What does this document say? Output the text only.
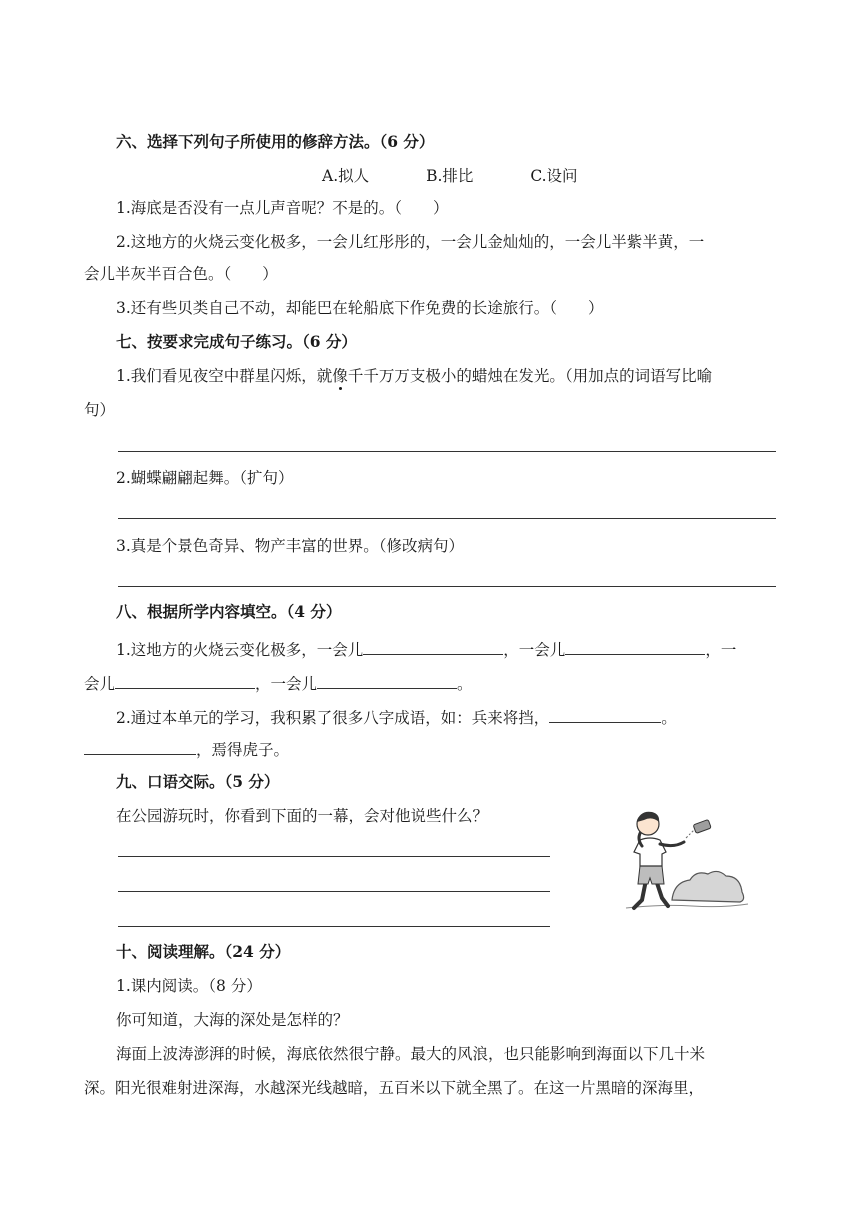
六、选择下列句子所使用的修辞方法。（6 分）
A.拟人	B.排比	C.设问
1.海底是否没有一点儿声音呢？不是的。（　　）
2.这地方的火烧云变化极多，一会儿红彤彤的，一会儿金灿灿的，一会儿半紫半黄，一
会儿半灰半百合色。（　　）
3.还有些贝类自己不动，却能巴在轮船底下作免费的长途旅行。（　　）
七、按要求完成句子练习。（6 分）
1.我们看见夜空中群星闪烁，就像千千万万支极小的蜡烛在发光。（用加点的词语写比喻
句）
2.蝴蝶翩翩起舞。（扩句）
3.真是个景色奇异、物产丰富的世界。（修改病句）
八、根据所学内容填空。（4 分）
1.这地方的火烧云变化极多，一会儿	，一会儿	，一
会儿	，一会儿	。
2.通过本单元的学习，我积累了很多八字成语，如：兵来将挡，	。
，焉得虎子。
九、口语交际。（5 分）
在公园游玩时，你看到下面的一幕，会对他说些什么？
十、阅读理解。（24 分）
1.课内阅读。（8 分）
你可知道，大海的深处是怎样的？
海面上波涛澎湃的时候，海底依然很宁静。最大的风浪，也只能影响到海面以下几十米
深。阳光很难射进深海，水越深光线越暗，五百米以下就全黑了。在这一片黑暗的深海里，
